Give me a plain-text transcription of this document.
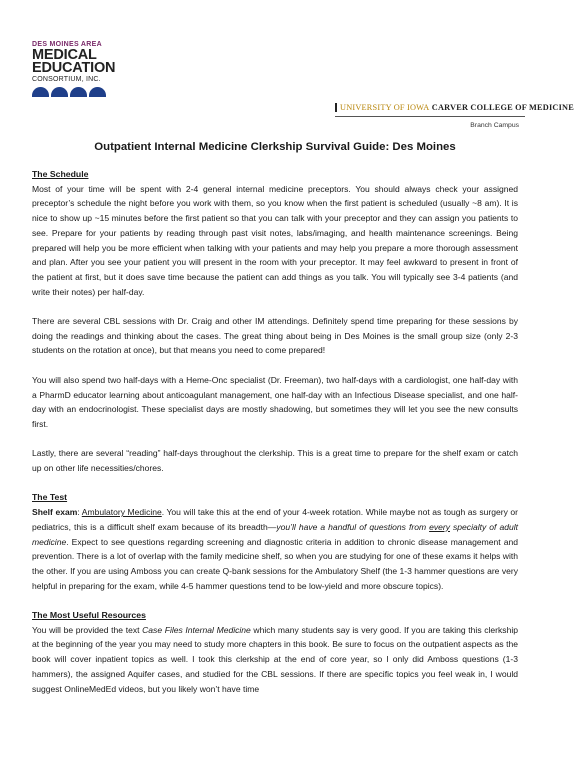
DES MOINES AREA
MEDICAL
EDUCATION
CONSORTIUM, INC.
UNIVERSITY OF IOWA CARVER COLLEGE OF MEDICINE
Branch Campus
Outpatient Internal Medicine Clerkship Survival Guide: Des Moines
The Schedule

Most of your time will be spent with 2-4 general internal medicine preceptors. You should always check your assigned preceptor’s schedule the night before you work with them, so you know when the first patient is scheduled (usually ~8 am). It is nice to show up ~15 minutes before the first patient so that you can talk with your preceptor and they can assign you patients to see. Prepare for your patients by reading through past visit notes, labs/imaging, and health maintenance screenings. Being prepared will help you be more efficient when talking with your patients and may help you prepare a more thorough assessment and plan. After you see your patient you will present in the room with your preceptor. It may feel awkward to present in front of the patient at first, but it does save time because the patient can add things as you talk. You will typically see 3-4 patients (and write their notes) per half-day.

There are several CBL sessions with Dr. Craig and other IM attendings. Definitely spend time preparing for these sessions by doing the readings and thinking about the cases. The great thing about being in Des Moines is the small group size (only 2-3 students on the rotation at once), but that means you need to come prepared!

You will also spend two half-days with a Heme-Onc specialist (Dr. Freeman), two half-days with a cardiologist, one half-day with a PharmD educator learning about anticoagulant management, one half-day with an Infectious Disease specialist, and one half-day with an endocrinologist. These specialist days are mostly shadowing, but sometimes they will let you see the new consults first.

Lastly, there are several “reading” half-days throughout the clerkship. This is a great time to prepare for the shelf exam or catch up on other life necessities/chores.

The Test

Shelf exam: Ambulatory Medicine. You will take this at the end of your 4-week rotation. While maybe not as tough as surgery or pediatrics, this is a difficult shelf exam because of its breadth—you’ll have a handful of questions from every specialty of adult medicine. Expect to see questions regarding screening and diagnostic criteria in addition to chronic disease management and prevention. There is a lot of overlap with the family medicine shelf, so when you are studying for one of these exams it helps with the other. If you are using Amboss you can create Q-bank sessions for the Ambulatory Shelf (the 1-3 hammer questions are very helpful in preparing for the exam, while 4-5 hammer questions tend to be low-yield and more obscure topics).

The Most Useful Resources

You will be provided the text Case Files Internal Medicine which many students say is very good. If you are taking this clerkship at the beginning of the year you may need to study more chapters in this book. Be sure to focus on the outpatient aspects as the book will cover inpatient topics as well. I took this clerkship at the end of core year, so I only did Amboss questions (1-3 hammers), the assigned Aquifer cases, and studied for the CBL sessions. If there are specific topics you feel weak in, I would suggest OnlineMedEd videos, but you likely won’t have time
